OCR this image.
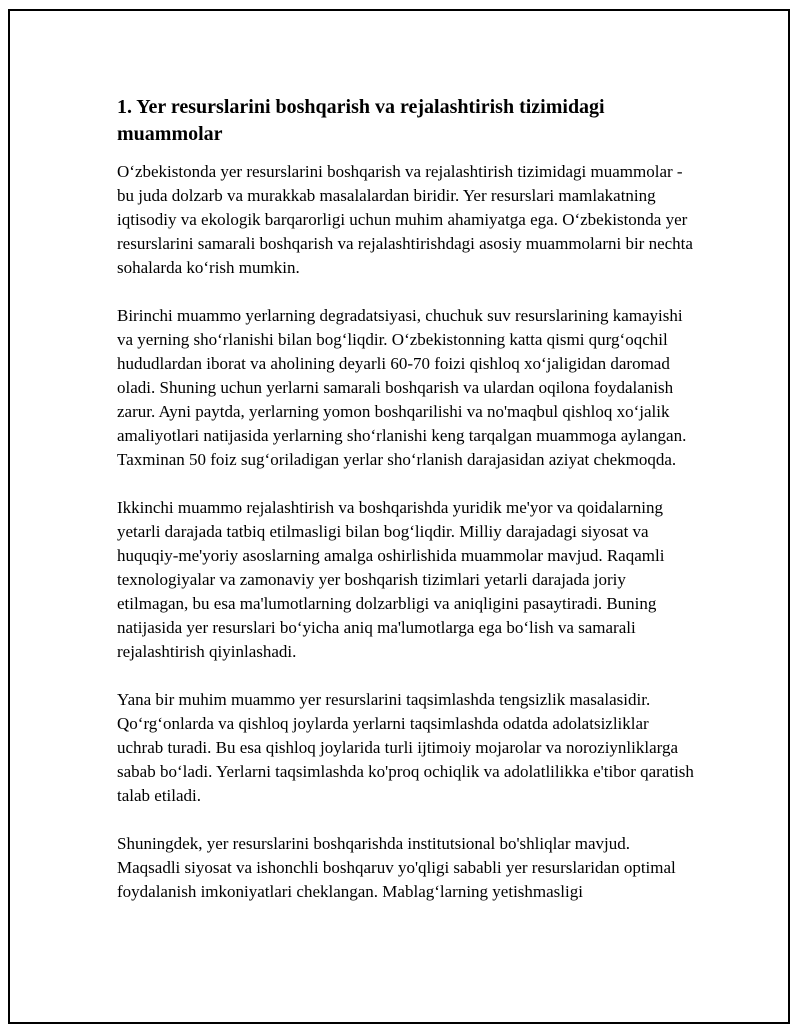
1. Yer resurslarini boshqarish va rejalashtirish tizimidagi muammolar

O‘zbekistonda yer resurslarini boshqarish va rejalashtirish tizimidagi muammolar - bu juda dolzarb va murakkab masalalardan biridir. Yer resurslari mamlakatning iqtisodiy va ekologik barqarorligi uchun muhim ahamiyatga ega. O‘zbekistonda yer resurslarini samarali boshqarish va rejalashtirishdagi asosiy muammolarni bir nechta sohalarda ko‘rish mumkin.

Birinchi muammo yerlarning degradatsiyasi, chuchuk suv resurslarining kamayishi va yerning sho‘rlanishi bilan bog‘liqdir. O‘zbekistonning katta qismi qurg‘oqchil hududlardan iborat va aholining deyarli 60-70 foizi qishloq xo‘jaligidan daromad oladi. Shuning uchun yerlarni samarali boshqarish va ulardan oqilona foydalanish zarur. Ayni paytda, yerlarning yomon boshqarilishi va no'maqbul qishloq xo‘jalik amaliyotlari natijasida yerlarning sho‘rlanishi keng tarqalgan muammoga aylangan. Taxminan 50 foiz sug‘oriladigan yerlar sho‘rlanish darajasidan aziyat chekmoqda.

Ikkinchi muammo rejalashtirish va boshqarishda yuridik me'yor va qoidalarning yetarli darajada tatbiq etilmasligi bilan bog‘liqdir. Milliy darajadagi siyosat va huquqiy-me'yoriy asoslarning amalga oshirlishida muammolar mavjud. Raqamli texnologiyalar va zamonaviy yer boshqarish tizimlari yetarli darajada joriy etilmagan, bu esa ma'lumotlarning dolzarbligi va aniqligini pasaytiradi. Buning natijasida yer resurslari bo‘yicha aniq ma'lumotlarga ega bo‘lish va samarali rejalashtirish qiyinlashadi.

Yana bir muhim muammo yer resurslarini taqsimlashda tengsizlik masalasidir. Qo‘rg‘onlarda va qishloq joylarda yerlarni taqsimlashda odatda adolatsizliklar uchrab turadi. Bu esa qishloq joylarida turli ijtimoiy mojarolar va noroziynliklarga sabab bo‘ladi. Yerlarni taqsimlashda ko'proq ochiqlik va adolatlilikka e'tibor qaratish talab etiladi.

Shuningdek, yer resurslarini boshqarishda institutsional bo'shliqlar mavjud. Maqsadli siyosat va ishonchli boshqaruv yo'qligi sababli yer resurslaridan optimal foydalanish imkoniyatlari cheklangan. Mablag‘larning yetishmasligi
